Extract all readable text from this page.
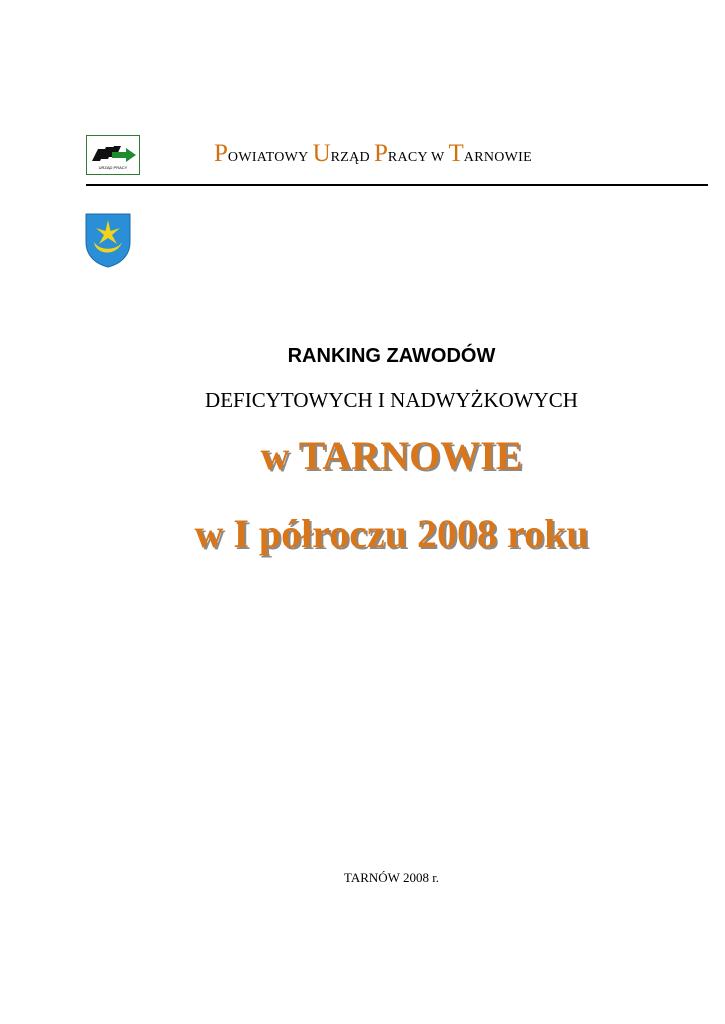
URZĄD PRACY
POWIATOWY URZĄD PRACY W TARNOWIE
RANKING ZAWODÓW
DEFICYTOWYCH I NADWYŻKOWYCH
w TARNOWIE
w I półroczu 2008 roku
TARNÓW 2008 r.
